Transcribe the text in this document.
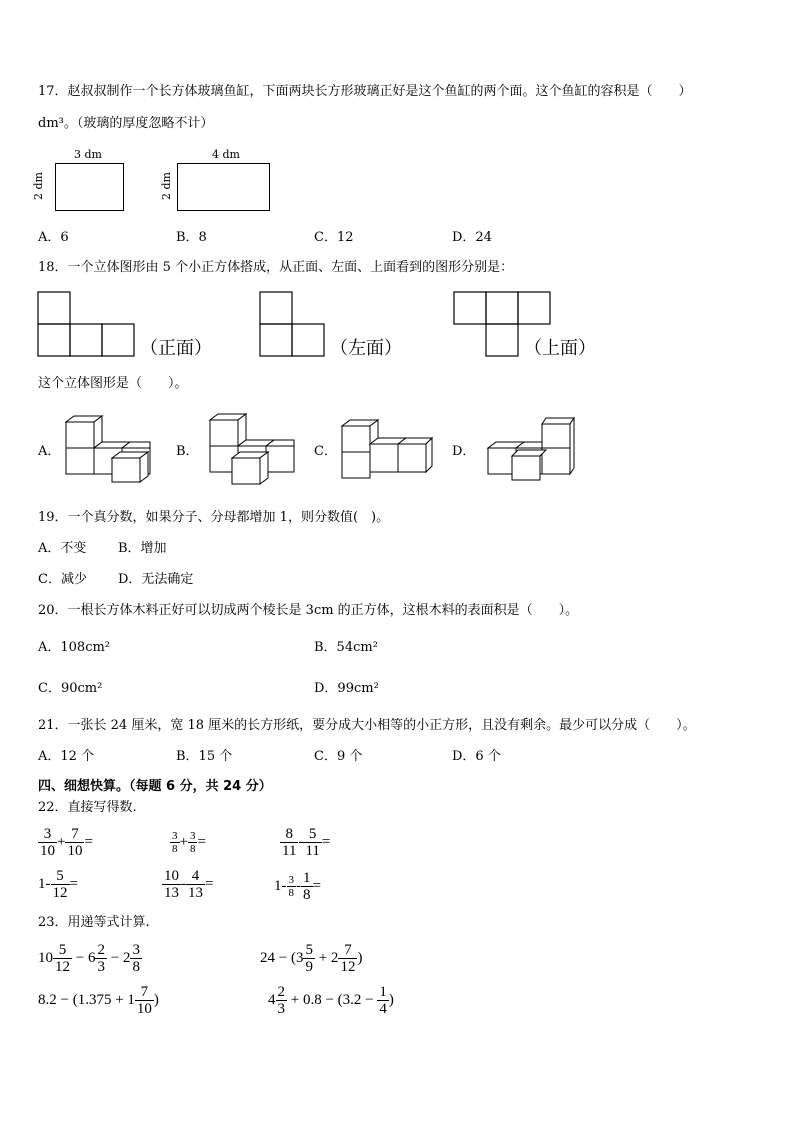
17．赵叔叔制作一个长方体玻璃鱼缸，下面两块长方形玻璃正好是这个鱼缸的两个面。这个鱼缸的容积是（　　）
dm³。（玻璃的厚度忽略不计）
3 dm
2 dm
4 dm
2 dm
A．6	B．8	C．12	D．24
18．一个立体图形由 5 个小正方体搭成，从正面、左面、上面看到的图形分别是：
（正面）	（左面）	（上面）
这个立体图形是（　　）。
A．	B．	C．	D．
19．一个真分数，如果分子、分母都增加 1，则分数值(　)。
A．不变 B．增加
C．减少 D．无法确定
20．一根长方体木料正好可以切成两个棱长是 3cm 的正方体，这根木料的表面积是（　　）。
A．108cm²	B．54cm²
C．90cm²	D．99cm²
21．一张长 24 厘米，宽 18 厘米的长方形纸，要分成大小相等的小正方形，且没有剩余。最少可以分成（　　）。
A．12 个	B．15 个	C．9 个	D．6 个
四、细想快算。（每题 6 分，共 24 分）
22．直接写得数.
$\frac{3}{10} + \frac{7}{10}$ =	$\frac{3}{8} + \frac{3}{8}$ =	$\frac{8}{11} - \frac{5}{11}$ =
$1- \frac{5}{12}$ =	$\frac{10}{13} - \frac{4}{13}$ =	$1- \frac{3}{8} - \frac{1}{8}$ =
23．用递等式计算.
$10 \frac{5}{12} - 6 \frac{2}{3} - 2 \frac{3}{8}$	$24 - (3 \frac{5}{9} + 2 \frac{7}{12}$ )
$8.2 - (1.375 + 1 \frac{7}{10}$ )	$4 \frac{2}{3} + 0.8 - (3.2 - \frac{1}{4}$ )
